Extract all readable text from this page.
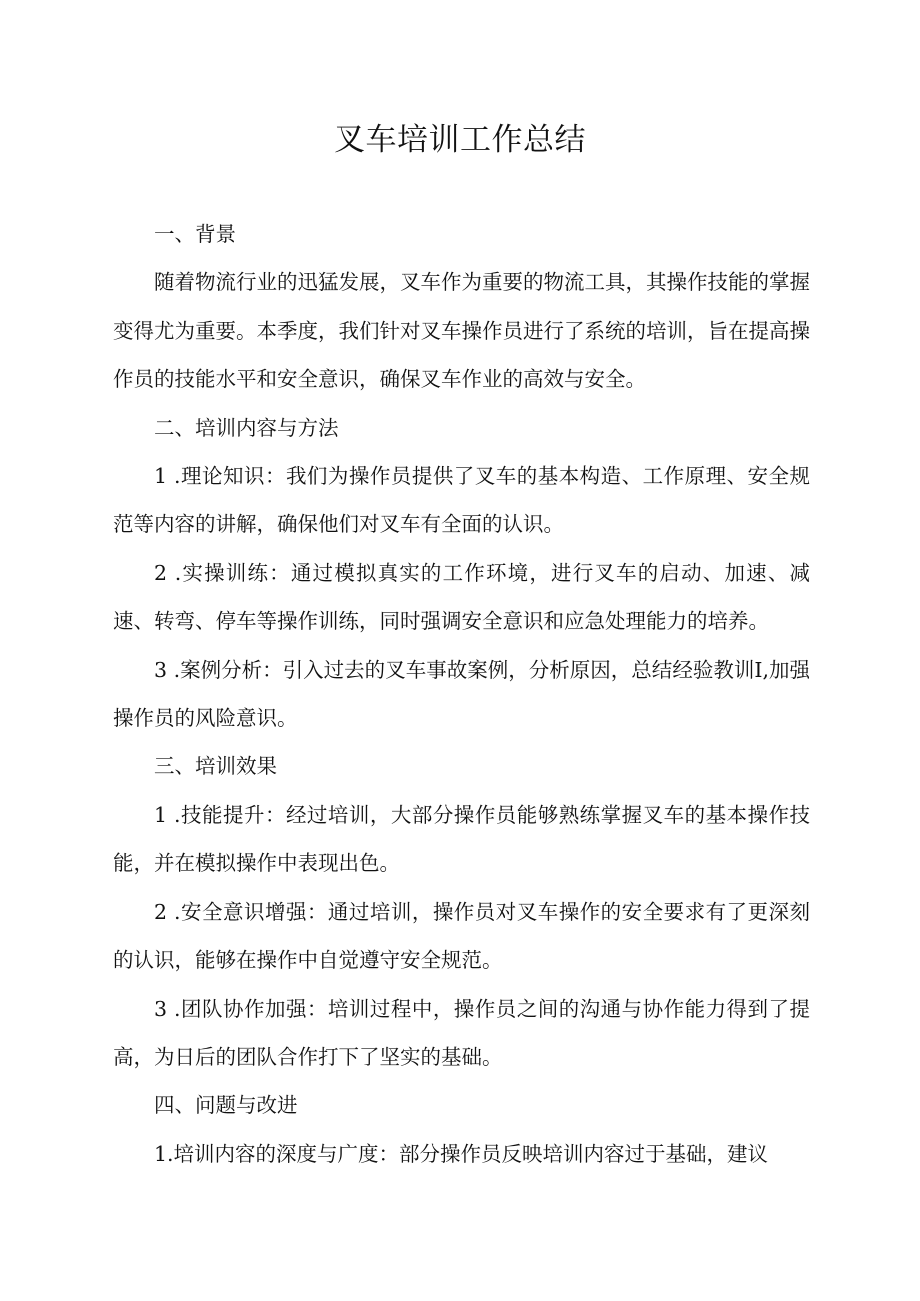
叉车培训工作总结

一、背景

随着物流行业的迅猛发展，叉车作为重要的物流工具，其操作技能的掌握变得尤为重要。本季度，我们针对叉车操作员进行了系统的培训，旨在提高操作员的技能水平和安全意识，确保叉车作业的高效与安全。

二、培训内容与方法

1 .理论知识：我们为操作员提供了叉车的基本构造、工作原理、安全规范等内容的讲解，确保他们对叉车有全面的认识。

2 .实操训练：通过模拟真实的工作环境，进行叉车的启动、加速、减速、转弯、停车等操作训练，同时强调安全意识和应急处理能力的培养。

3 .案例分析：引入过去的叉车事故案例，分析原因，总结经验教训I,加强操作员的风险意识。

三、培训效果

1 .技能提升：经过培训，大部分操作员能够熟练掌握叉车的基本操作技能，并在模拟操作中表现出色。

2 .安全意识增强：通过培训，操作员对叉车操作的安全要求有了更深刻的认识，能够在操作中自觉遵守安全规范。

3 .团队协作加强：培训过程中，操作员之间的沟通与协作能力得到了提高，为日后的团队合作打下了坚实的基础。

四、问题与改进

1.培训内容的深度与广度：部分操作员反映培训内容过于基础，建议
